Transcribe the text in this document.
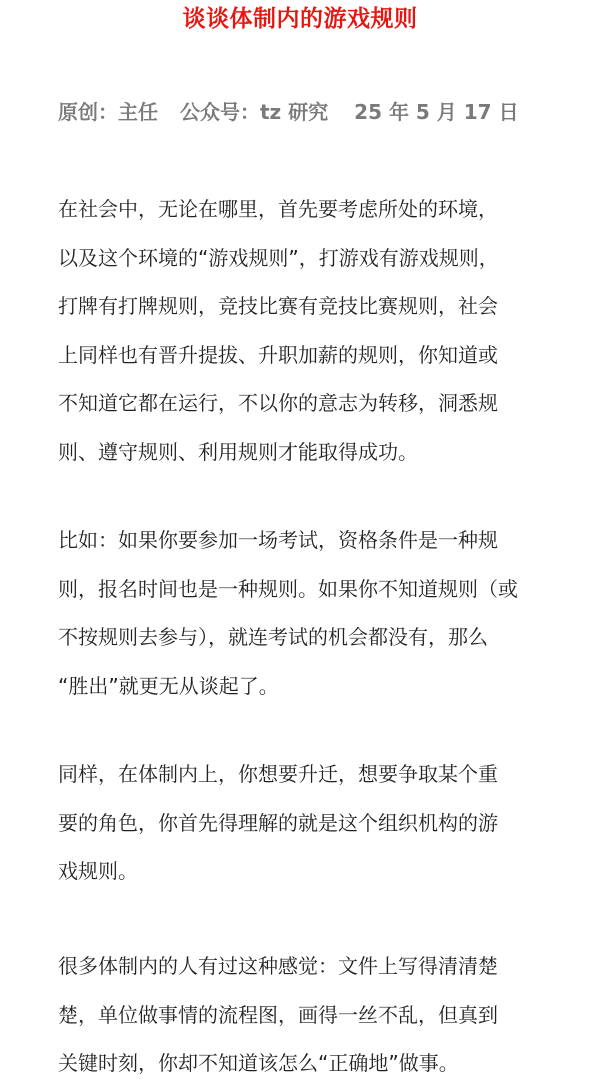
谈谈体制内的游戏规则
原创：主任 公众号：tz 研究 25 年 5 月 17 日
在社会中，无论在哪里，首先要考虑所处的环境，
以及这个环境的“游戏规则”，打游戏有游戏规则，
打牌有打牌规则，竞技比赛有竞技比赛规则，社会
上同样也有晋升提拔、升职加薪的规则，你知道或
不知道它都在运行，不以你的意志为转移，洞悉规
则、遵守规则、利用规则才能取得成功。
比如：如果你要参加一场考试，资格条件是一种规
则，报名时间也是一种规则。如果你不知道规则（或
不按规则去参与），就连考试的机会都没有，那么
“胜出”就更无从谈起了。
同样，在体制内上，你想要升迁，想要争取某个重
要的角色，你首先得理解的就是这个组织机构的游
戏规则。
很多体制内的人有过这种感觉：文件上写得清清楚
楚，单位做事情的流程图，画得一丝不乱，但真到
关键时刻，你却不知道该怎么“正确地”做事。
